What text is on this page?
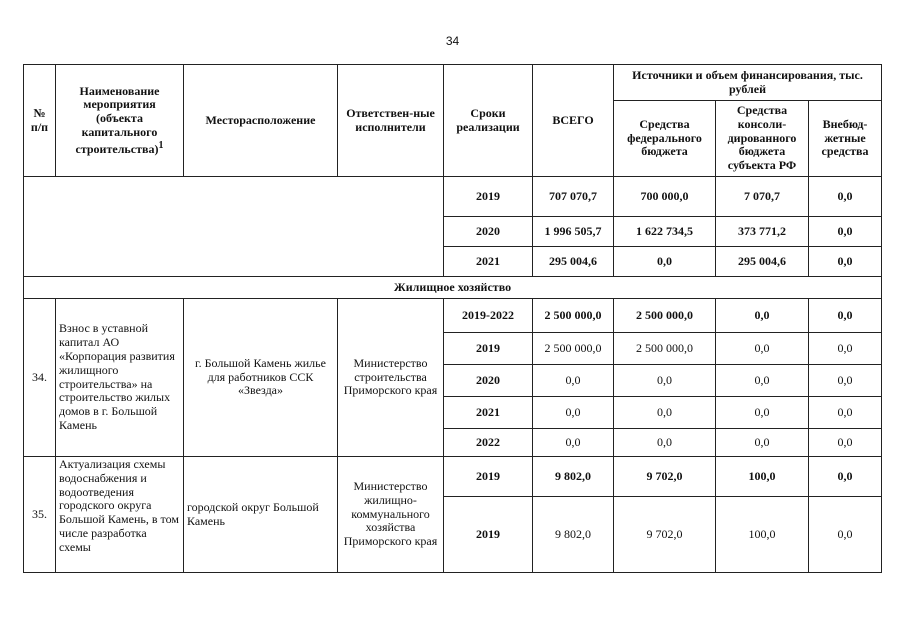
34
№ п/п	Наименование мероприятия (объекта капитального строительства)$^1$	Месторасположение	Ответствен-ные исполнители	Сроки реализации	ВСЕГО	Источники и объем финансирования, тыс. рублей		
						Средства федерального бюджета	Средства консоли-дированного бюджета субъекта РФ	Внебюд-жетные средства
				2019	707 070,7	700 000,0	7 070,7	0,0
				2020	1 996 505,7	1 622 734,5	373 771,2	0,0
				2021	295 004,6	0,0	295 004,6	0,0
Жилищное хозяйство								
34.	Взнос в уставной капитал АО «Корпорация развития жилищного строительства» на строительство жилых домов в г. Большой Камень	г. Большой Камень жилье для работников ССК «Звезда»	Министерство строительства Приморского края	2019-2022	2 500 000,0	2 500 000,0	0,0	0,0
				2019	2 500 000,0	2 500 000,0	0,0	0,0
				2020	0,0	0,0	0,0	0,0
				2021	0,0	0,0	0,0	0,0
				2022	0,0	0,0	0,0	0,0
35.	Актуализация схемы водоснабжения и водоотведения городского округа Большой Камень, в том числе разработка схемы	городской округ Большой Камень	Министерство жилищно-коммунального хозяйства Приморского края	2019	9 802,0	9 702,0	100,0	0,0
				2019	9 802,0	9 702,0	100,0	0,0
